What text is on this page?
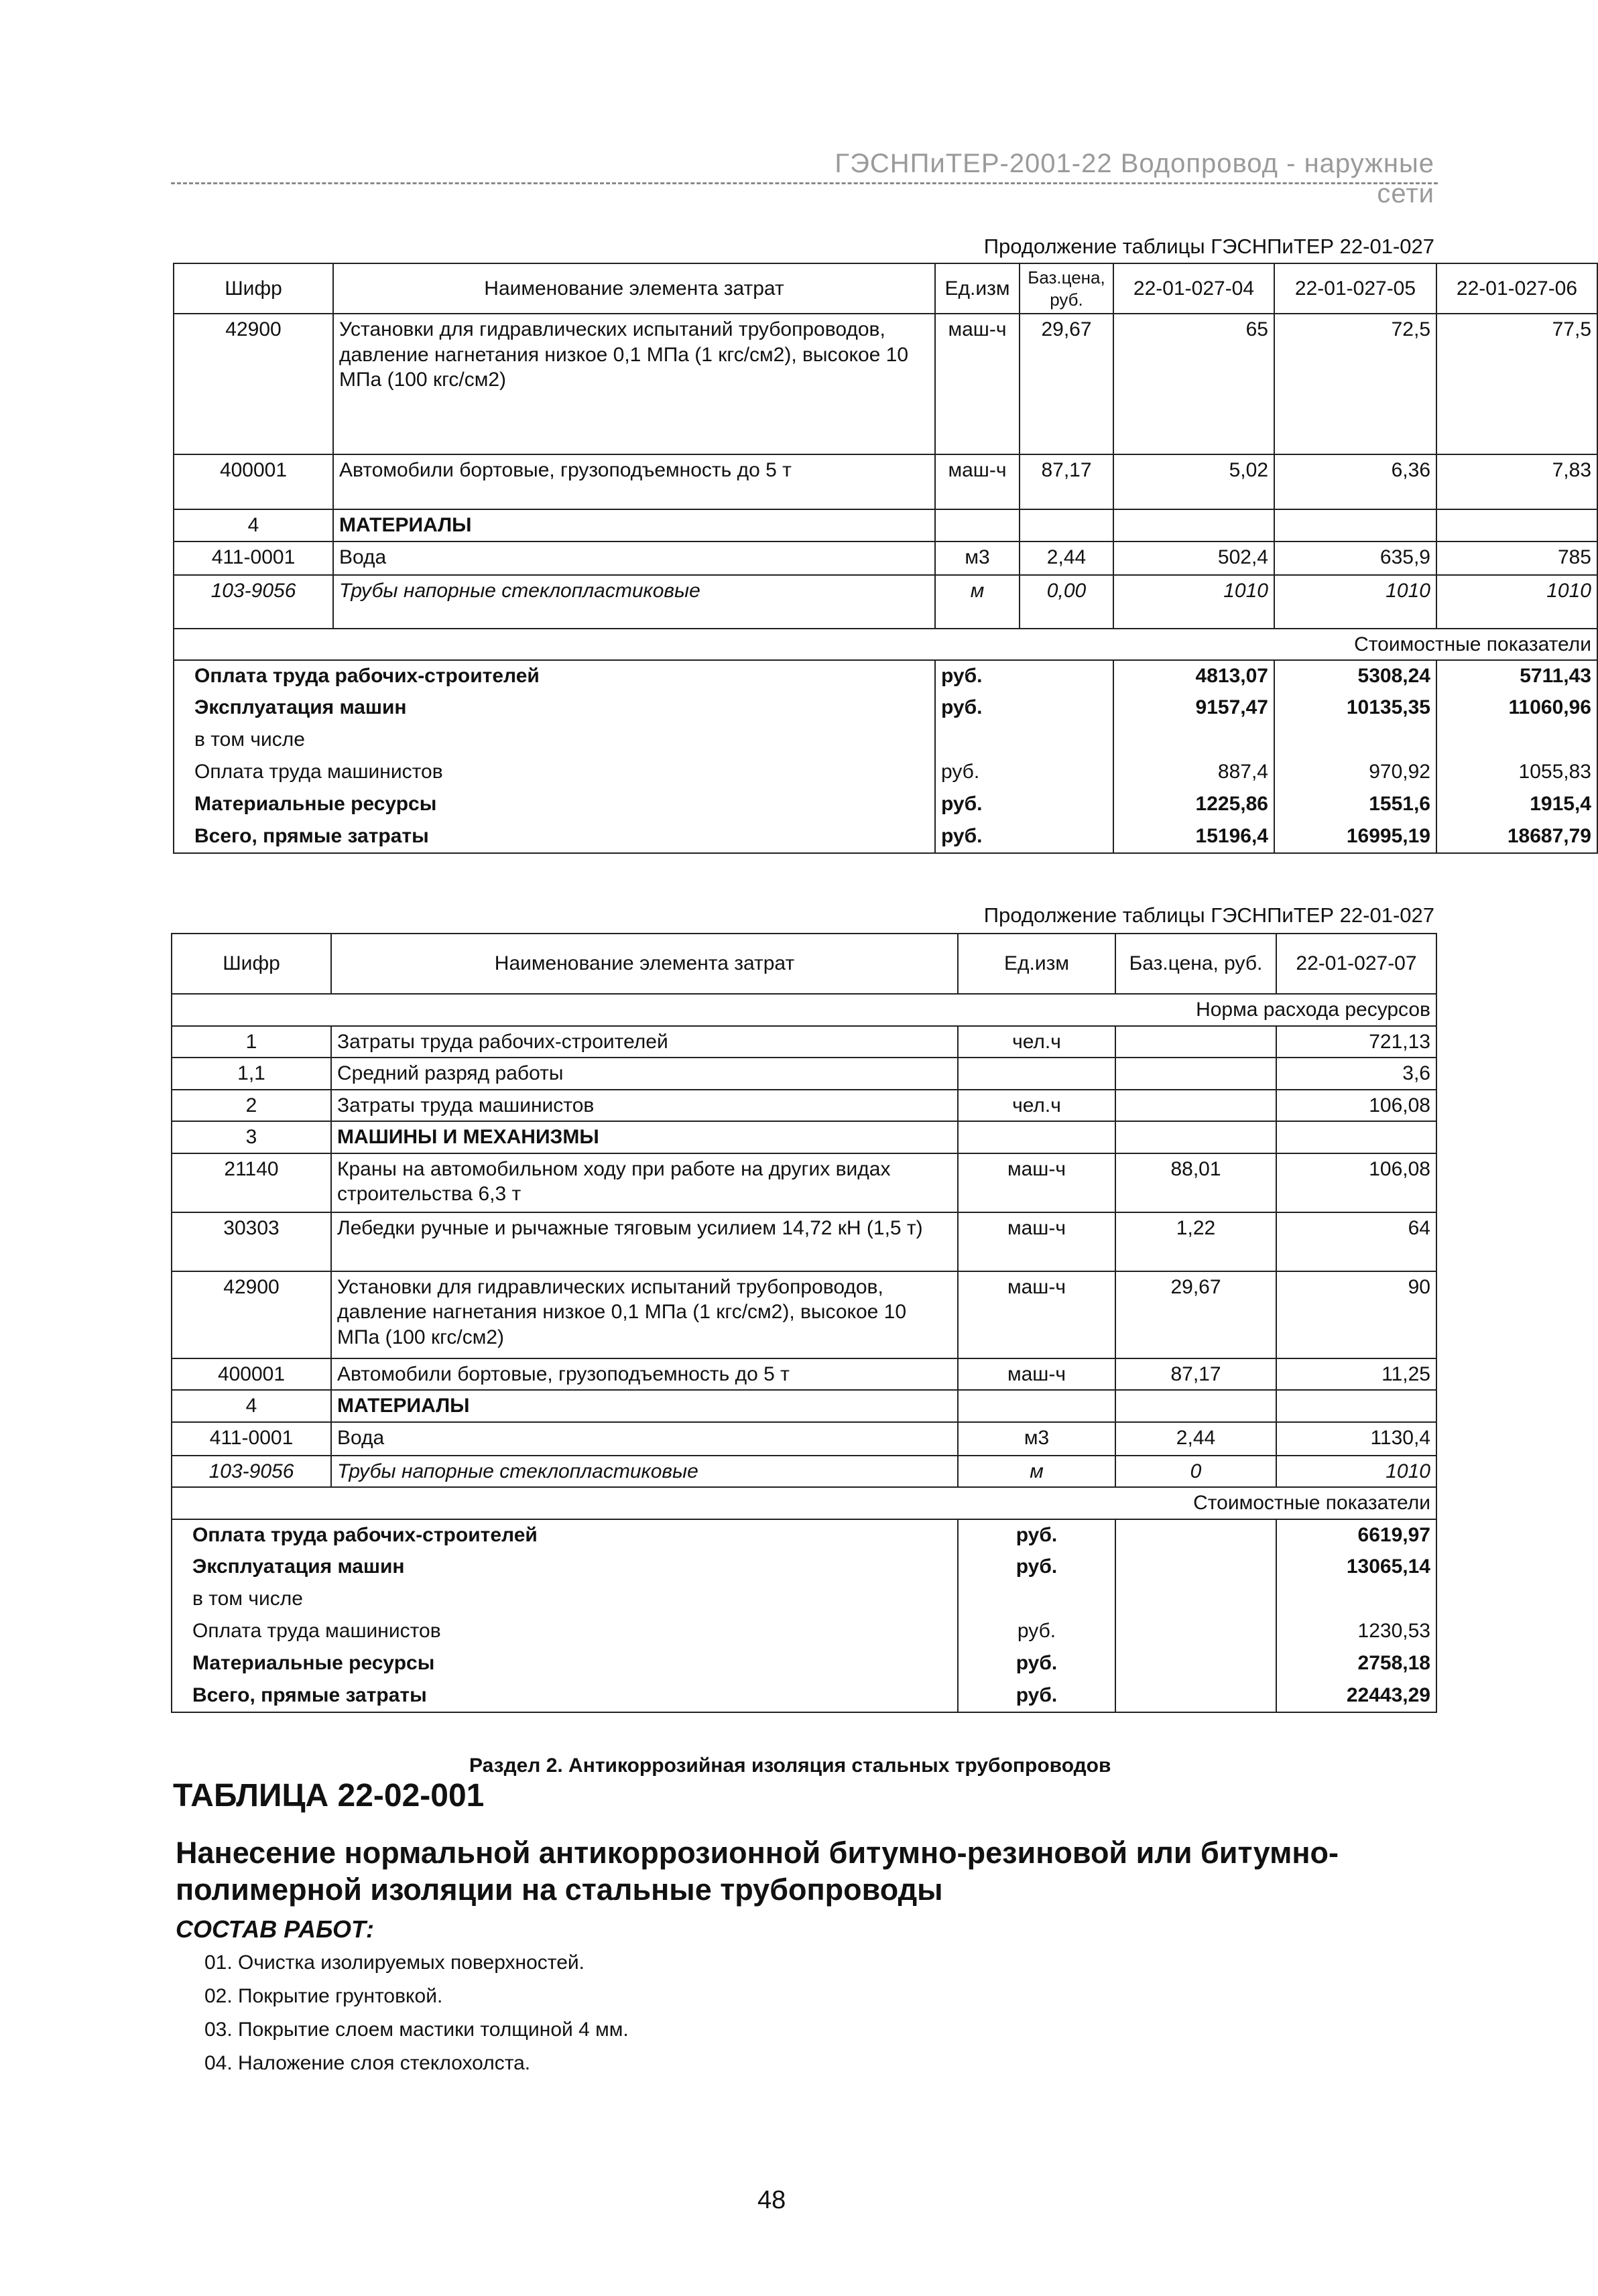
ГЭСНПиТЕР-2001-22 Водопровод - наружные сети
Продолжение таблицы ГЭСНПиТЕР 22-01-027
Шифр	Наименование элемента затрат	Ед.изм	Баз.цена, руб.	22-01-027-04	22-01-027-05	22-01-027-06
42900	Установки для гидравлических испытаний трубопроводов, давление нагнетания низкое 0,1 МПа (1 кгс/см2), высокое 10 МПа (100 кгс/см2)	маш-ч	29,67	65	72,5	77,5
400001	Автомобили бортовые, грузоподъемность до 5 т	маш-ч	87,17	5,02	6,36	7,83
4	МАТЕРИАЛЫ					
411-0001	Вода	м3	2,44	502,4	635,9	785
103-9056	Трубы напорные стеклопластиковые	м	0,00	1010	1010	1010
Стоимостные показатели						
Оплата труда рабочих-строителей		руб.		4813,07	5308,24	5711,43
Эксплуатация машин		руб.		9157,47	10135,35	11060,96
в том числе						
Оплата труда машинистов		руб.		887,4	970,92	1055,83
Материальные ресурсы		руб.		1225,86	1551,6	1915,4
Всего, прямые затраты		руб.		15196,4	16995,19	18687,79
Продолжение таблицы ГЭСНПиТЕР 22-01-027
Шифр	Наименование элемента затрат	Ед.изм	Баз.цена, руб.	22-01-027-07
Норма расхода ресурсов				
1	Затраты труда рабочих-строителей	чел.ч		721,13
1,1	Средний разряд работы			3,6
2	Затраты труда машинистов	чел.ч		106,08
3	МАШИНЫ И МЕХАНИЗМЫ			
21140	Краны на автомобильном ходу при работе на других видах строительства 6,3 т	маш-ч	88,01	106,08
30303	Лебедки ручные и рычажные тяговым усилием 14,72 кН (1,5 т)	маш-ч	1,22	64
42900	Установки для гидравлических испытаний трубопроводов, давление нагнетания низкое 0,1 МПа (1 кгс/см2), высокое 10 МПа (100 кгс/см2)	маш-ч	29,67	90
400001	Автомобили бортовые, грузоподъемность до 5 т	маш-ч	87,17	11,25
4	МАТЕРИАЛЫ			
411-0001	Вода	м3	2,44	1130,4
103-9056	Трубы напорные стеклопластиковые	м	0	1010
Стоимостные показатели				
Оплата труда рабочих-строителей		руб.		6619,97
Эксплуатация машин		руб.		13065,14
в том числе				
Оплата труда машинистов		руб.		1230,53
Материальные ресурсы		руб.		2758,18
Всего, прямые затраты		руб.		22443,29
Раздел 2. Антикоррозийная изоляция стальных трубопроводов
ТАБЛИЦА 22-02-001
Нанесение нормальной антикоррозионной битумно-резиновой или битумно-полимерной изоляции на стальные трубопроводы
СОСТАВ РАБОТ:
01. Очистка изолируемых поверхностей.
02. Покрытие грунтовкой.
03. Покрытие слоем мастики толщиной 4 мм.
04. Наложение слоя стеклохолста.
48
